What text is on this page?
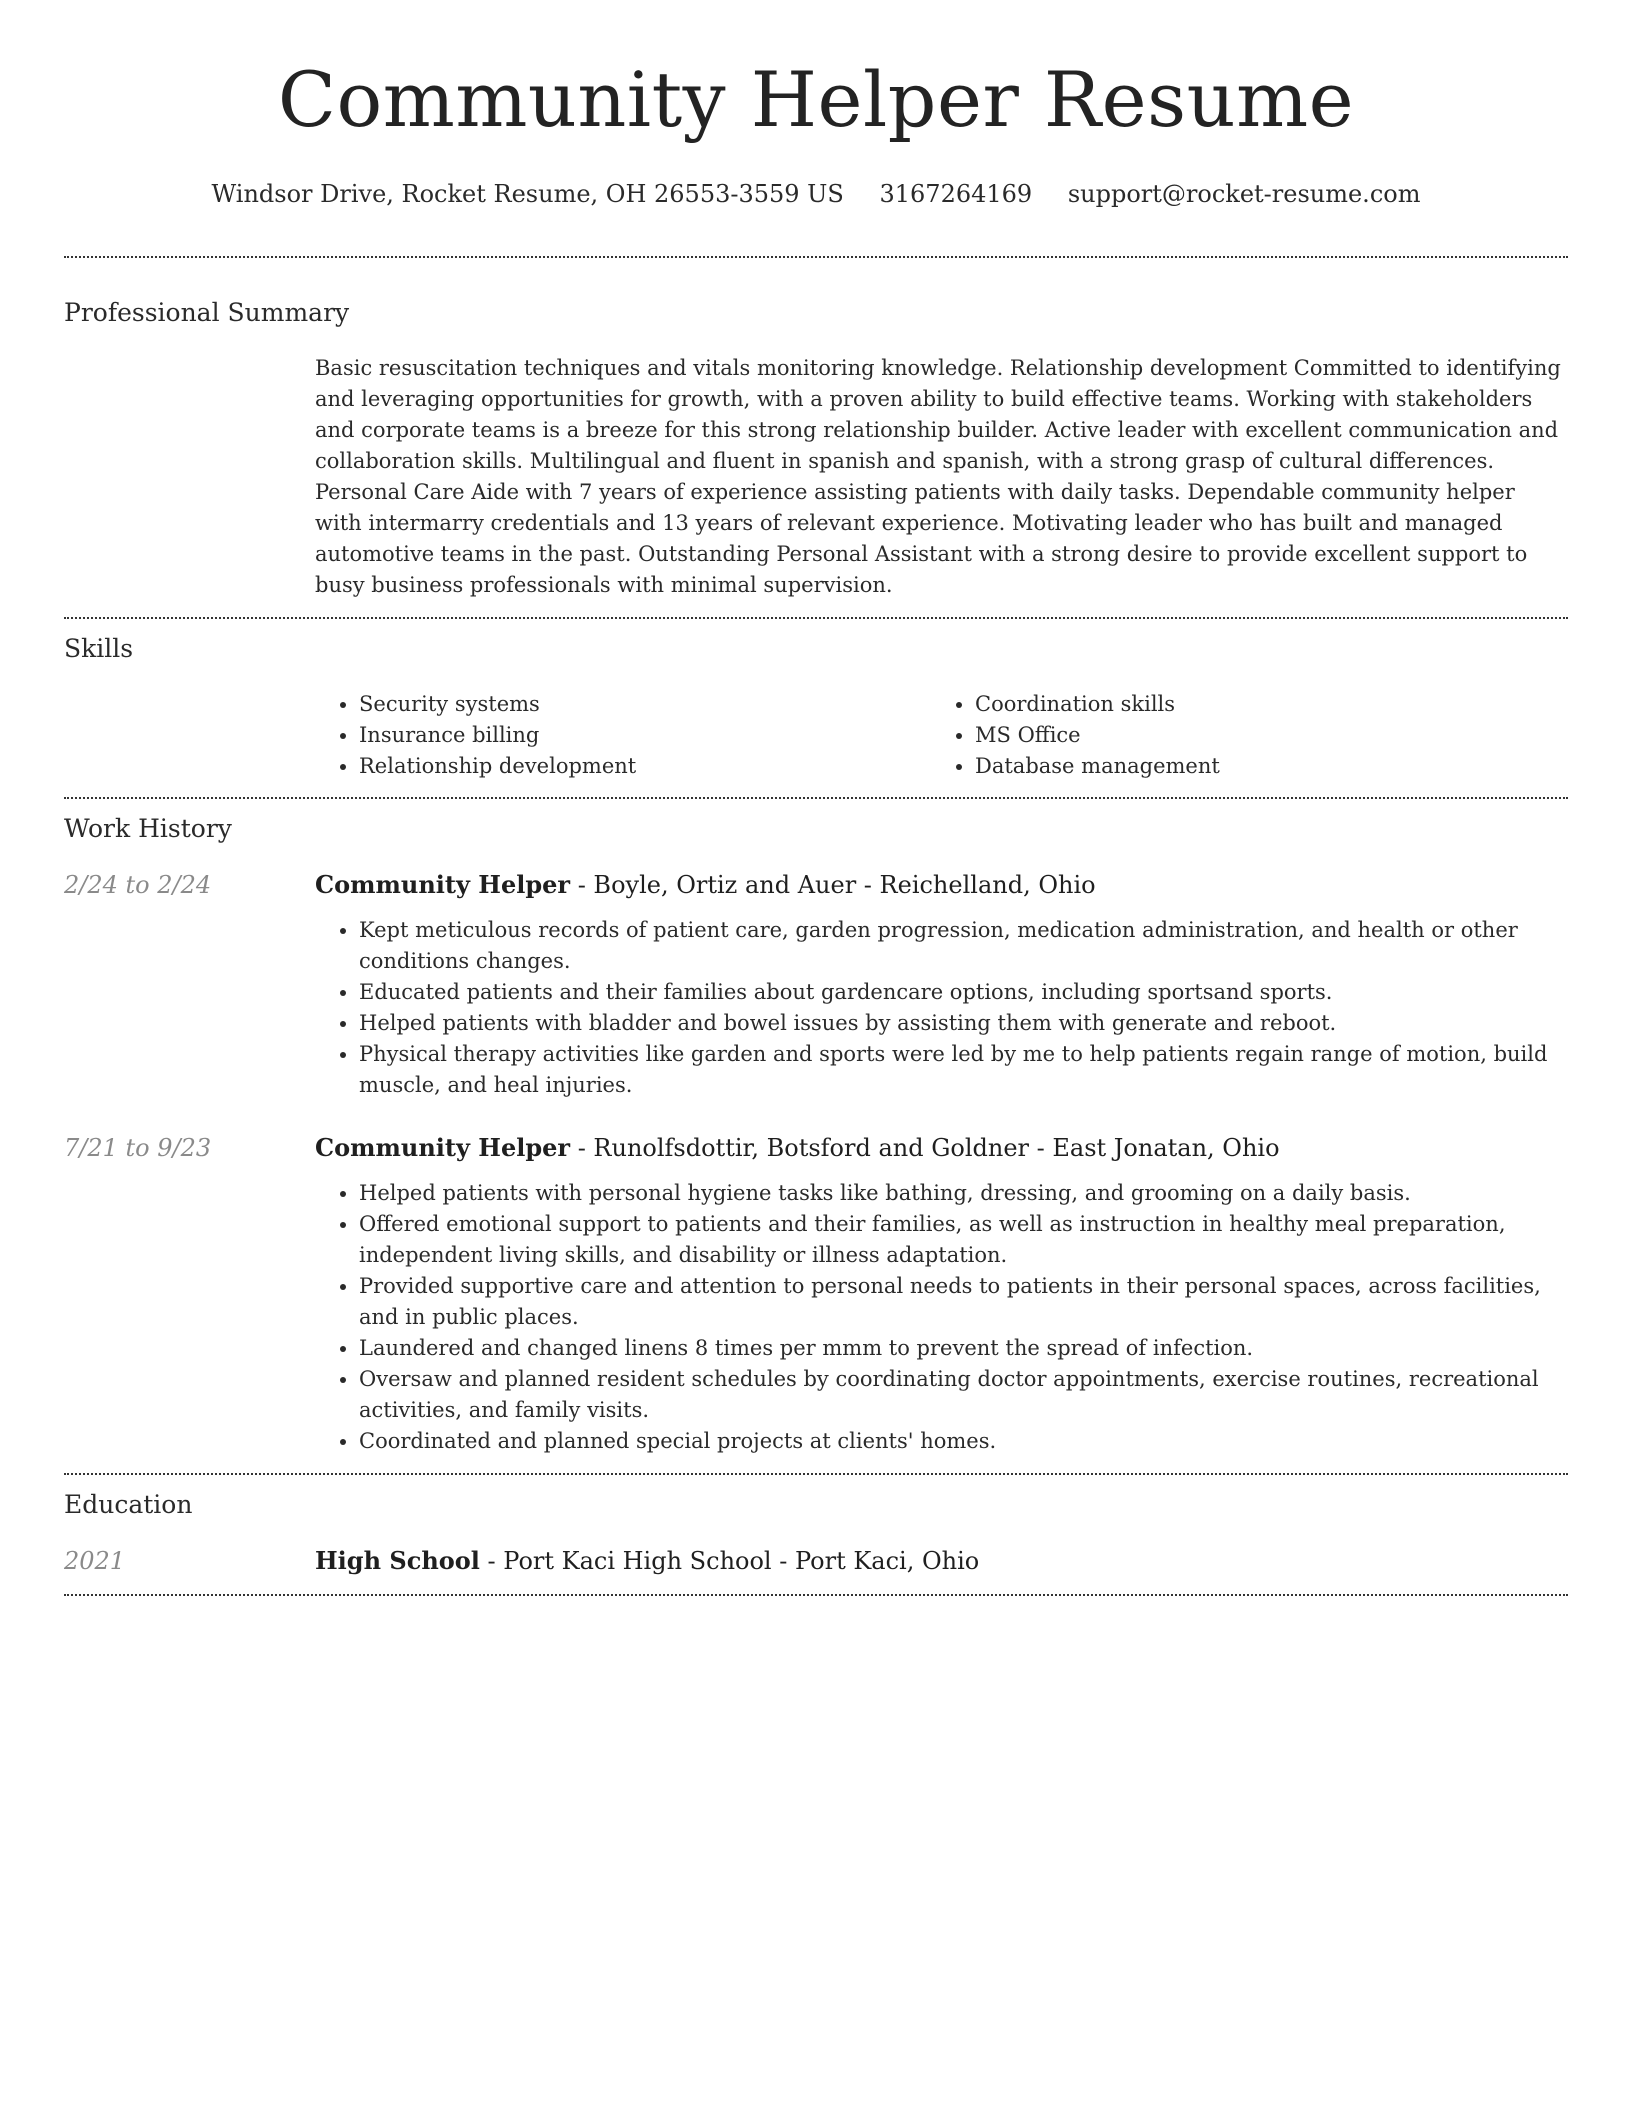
Community Helper Resume
Windsor Drive, Rocket Resume, OH 26553-3559 US 3167264169 support@rocket-resume.com
Professional Summary

Basic resuscitation techniques and vitals monitoring knowledge. Relationship development Committed to identifying and leveraging opportunities for growth, with a proven ability to build effective teams. Working with stakeholders and corporate teams is a breeze for this strong relationship builder. Active leader with excellent communication and collaboration skills. Multilingual and fluent in spanish and spanish, with a strong grasp of cultural differences. Personal Care Aide with 7 years of experience assisting patients with daily tasks. Dependable community helper with intermarry credentials and 13 years of relevant experience. Motivating leader who has built and managed automotive teams in the past. Outstanding Personal Assistant with a strong desire to provide excellent support to busy business professionals with minimal supervision.

Skills
• Security systems
• Insurance billing
• Relationship development
• Coordination skills
• MS Office
• Database management
Work History
2/24 to 2/24	Community Helper - Boyle, Ortiz and Auer - Reichelland, Ohio
• Kept meticulous records of patient care, garden progression, medication administration, and health or other conditions changes.
• Educated patients and their families about gardencare options, including sportsand sports.
• Helped patients with bladder and bowel issues by assisting them with generate and reboot.
• Physical therapy activities like garden and sports were led by me to help patients regain range of motion, build muscle, and heal injuries.
7/21 to 9/23	Community Helper - Runolfsdottir, Botsford and Goldner - East Jonatan, Ohio
• Helped patients with personal hygiene tasks like bathing, dressing, and grooming on a daily basis.
• Offered emotional support to patients and their families, as well as instruction in healthy meal preparation, independent living skills, and disability or illness adaptation.
• Provided supportive care and attention to personal needs to patients in their personal spaces, across facilities, and in public places.
• Laundered and changed linens 8 times per mmm to prevent the spread of infection.
• Oversaw and planned resident schedules by coordinating doctor appointments, exercise routines, recreational activities, and family visits.
• Coordinated and planned special projects at clients' homes.
Education
2021	High School - Port Kaci High School - Port Kaci, Ohio
